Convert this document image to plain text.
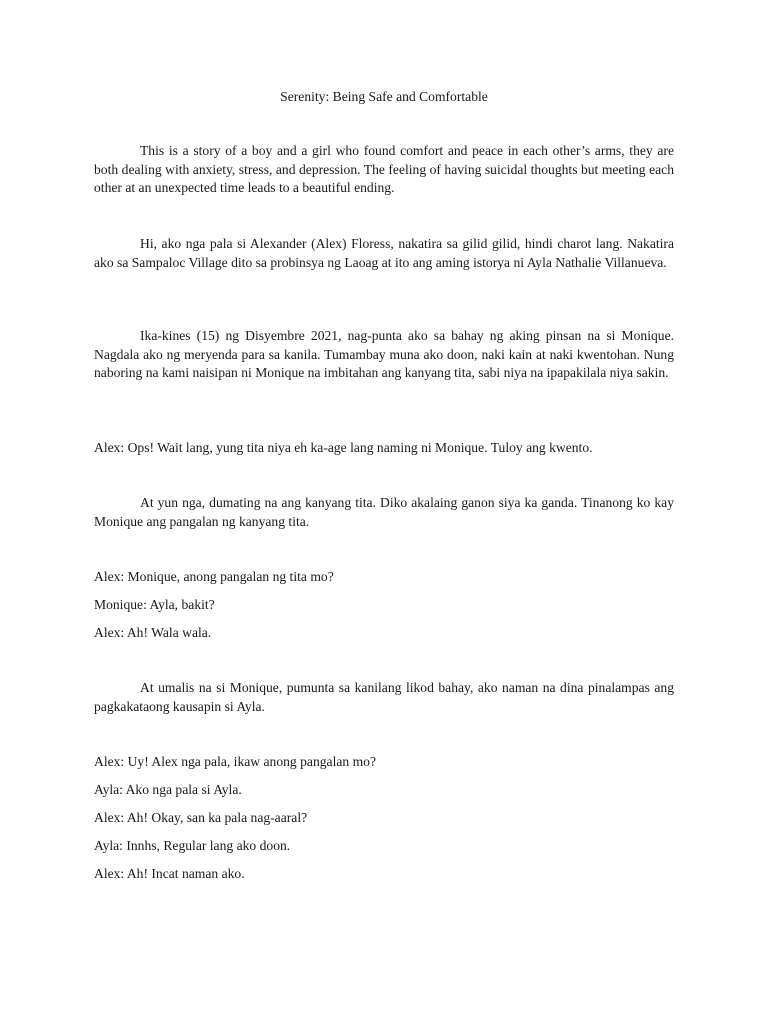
Serenity: Being Safe and Comfortable

This is a story of a boy and a girl who found comfort and peace in each other’s arms, they are both dealing with anxiety, stress, and depression. The feeling of having suicidal thoughts but meeting each other at an unexpected time leads to a beautiful ending.

Hi, ako nga pala si Alexander (Alex) Floress, nakatira sa gilid gilid, hindi charot lang. Nakatira ako sa Sampaloc Village dito sa probinsya ng Laoag at ito ang aming istorya ni Ayla Nathalie Villanueva.

Ika-kines (15) ng Disyembre 2021, nag-punta ako sa bahay ng aking pinsan na si Monique. Nagdala ako ng meryenda para sa kanila. Tumambay muna ako doon, naki kain at naki kwentohan. Nung naboring na kami naisipan ni Monique na imbitahan ang kanyang tita, sabi niya na ipapakilala niya sakin.

Alex: Ops! Wait lang, yung tita niya eh ka-age lang naming ni Monique. Tuloy ang kwento.

At yun nga, dumating na ang kanyang tita. Diko akalaing ganon siya ka ganda. Tinanong ko kay Monique ang pangalan ng kanyang tita.

Alex: Monique, anong pangalan ng tita mo?

Monique: Ayla, bakit?

Alex: Ah! Wala wala.

At umalis na si Monique, pumunta sa kanilang likod bahay, ako naman na dina pinalampas ang pagkakataong kausapin si Ayla.

Alex: Uy! Alex nga pala, ikaw anong pangalan mo?

Ayla: Ako nga pala si Ayla.

Alex: Ah! Okay, san ka pala nag-aaral?

Ayla: Innhs, Regular lang ako doon.

Alex: Ah! Incat naman ako.
